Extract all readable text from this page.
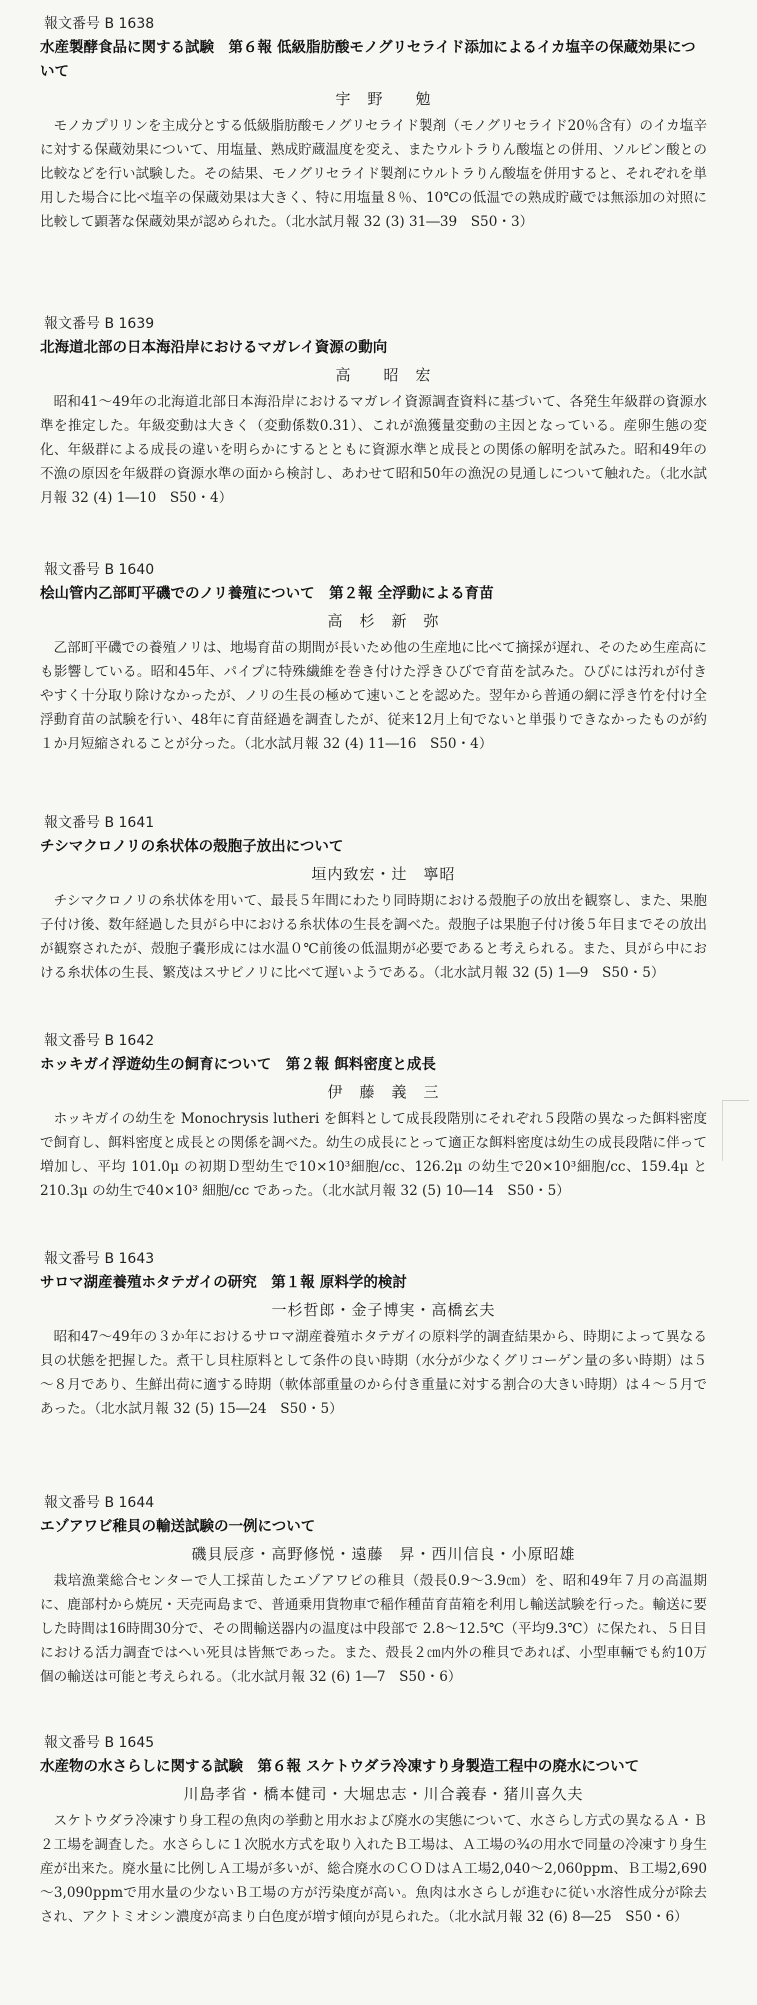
報文番号 B 1638
水産製酵食品に関する試験　第６報 低級脂肪酸モノグリセライド添加によるイカ塩辛の保蔵効果について
宇　野　　勉

モノカプリリンを主成分とする低級脂肪酸モノグリセライド製剤（モノグリセライド20％含有）のイカ塩辛に対する保蔵効果について、用塩量、熟成貯蔵温度を変え、またウルトラりん酸塩との併用、ソルビン酸との比較などを行い試験した。その結果、モノグリセライド製剤にウルトラりん酸塩を併用すると、それぞれを単用した場合に比べ塩辛の保蔵効果は大きく、特に用塩量８％、10℃の低温での熟成貯蔵では無添加の対照に比較して顕著な保蔵効果が認められた。（北水試月報 32 (3) 31―39　S50・3）

報文番号 B 1639
北海道北部の日本海沿岸におけるマガレイ資源の動向
高　　昭　宏

昭和41～49年の北海道北部日本海沿岸におけるマガレイ資源調査資料に基づいて、各発生年級群の資源水準を推定した。年級変動は大きく（変動係数0.31）、これが漁獲量変動の主因となっている。産卵生態の変化、年級群による成長の違いを明らかにするとともに資源水準と成長との関係の解明を試みた。昭和49年の不漁の原因を年級群の資源水準の面から検討し、あわせて昭和50年の漁況の見通しについて触れた。（北水試月報 32 (4) 1―10　S50・4）

報文番号 B 1640
桧山管内乙部町平磯でのノリ養殖について　第２報 全浮動による育苗
高　杉　新　弥

乙部町平磯での養殖ノリは、地場育苗の期間が長いため他の生産地に比べて摘採が遅れ、そのため生産高にも影響している。昭和45年、パイプに特殊繊維を巻き付けた浮きひびで育苗を試みた。ひびには汚れが付きやすく十分取り除けなかったが、ノリの生長の極めて速いことを認めた。翌年から普通の網に浮き竹を付け全浮動育苗の試験を行い、48年に育苗経過を調査したが、従来12月上旬でないと単張りできなかったものが約１か月短縮されることが分った。（北水試月報 32 (4) 11―16　S50・4）

報文番号 B 1641
チシマクロノリの糸状体の殻胞子放出について
垣内致宏・辻　寧昭

チシマクロノリの糸状体を用いて、最長５年間にわたり同時期における殻胞子の放出を観察し、また、果胞子付け後、数年経過した貝がら中における糸状体の生長を調べた。殻胞子は果胞子付け後５年目までその放出が観察されたが、殻胞子嚢形成には水温０℃前後の低温期が必要であると考えられる。また、貝がら中における糸状体の生長、繁茂はスサビノリに比べて遅いようである。（北水試月報 32 (5) 1―9　S50・5）

報文番号 B 1642
ホッキガイ浮遊幼生の飼育について　第２報 餌料密度と成長
伊　藤　義　三

ホッキガイの幼生を Monochrysis lutheri を餌料として成長段階別にそれぞれ５段階の異なった餌料密度で飼育し、餌料密度と成長との関係を調べた。幼生の成長にとって適正な餌料密度は幼生の成長段階に伴って増加し、平均 101.0μ の初期Ｄ型幼生で10×10³細胞/cc、126.2μ の幼生で20×10³細胞/cc、159.4μ と 210.3μ の幼生で40×10³ 細胞/cc であった。（北水試月報 32 (5) 10―14　S50・5）

報文番号 B 1643
サロマ湖産養殖ホタテガイの研究　第１報 原料学的検討
一杉哲郎・金子博実・高橋玄夫

昭和47～49年の３か年におけるサロマ湖産養殖ホタテガイの原料学的調査結果から、時期によって異なる貝の状態を把握した。煮干し貝柱原料として条件の良い時期（水分が少なくグリコーゲン量の多い時期）は５～８月であり、生鮮出荷に適する時期（軟体部重量のから付き重量に対する割合の大きい時期）は４～５月であった。（北水試月報 32 (5) 15―24　S50・5）

報文番号 B 1644
エゾアワビ稚貝の輸送試験の一例について
磯貝辰彦・高野修悦・遠藤　昇・西川信良・小原昭雄

栽培漁業総合センターで人工採苗したエゾアワビの稚貝（殻長0.9～3.9㎝）を、昭和49年７月の高温期に、鹿部村から焼尻・天売両島まで、普通乗用貨物車で稲作種苗育苗箱を利用し輸送試験を行った。輸送に要した時間は16時間30分で、その間輸送器内の温度は中段部で 2.8～12.5℃（平均9.3℃）に保たれ、５日目における活力調査ではへい死貝は皆無であった。また、殻長２㎝内外の稚貝であれば、小型車輛でも約10万個の輸送は可能と考えられる。（北水試月報 32 (6) 1―7　S50・6）

報文番号 B 1645
水産物の水さらしに関する試験　第６報 スケトウダラ冷凍すり身製造工程中の廃水について
川島孝省・橋本健司・大堀忠志・川合義春・猪川喜久夫

スケトウダラ冷凍すり身工程の魚肉の挙動と用水および廃水の実態について、水さらし方式の異なるＡ・Ｂ２工場を調査した。水さらしに１次脱水方式を取り入れたＢ工場は、Ａ工場の¾の用水で同量の冷凍すり身生産が出来た。廃水量に比例しＡ工場が多いが、総合廃水のＣＯＤはＡ工場2,040～2,060ppm、Ｂ工場2,690～3,090ppmで用水量の少ないＢ工場の方が汚染度が高い。魚肉は水さらしが進むに従い水溶性成分が除去され、アクトミオシン濃度が高まり白色度が増す傾向が見られた。（北水試月報 32 (6) 8―25　S50・6）
